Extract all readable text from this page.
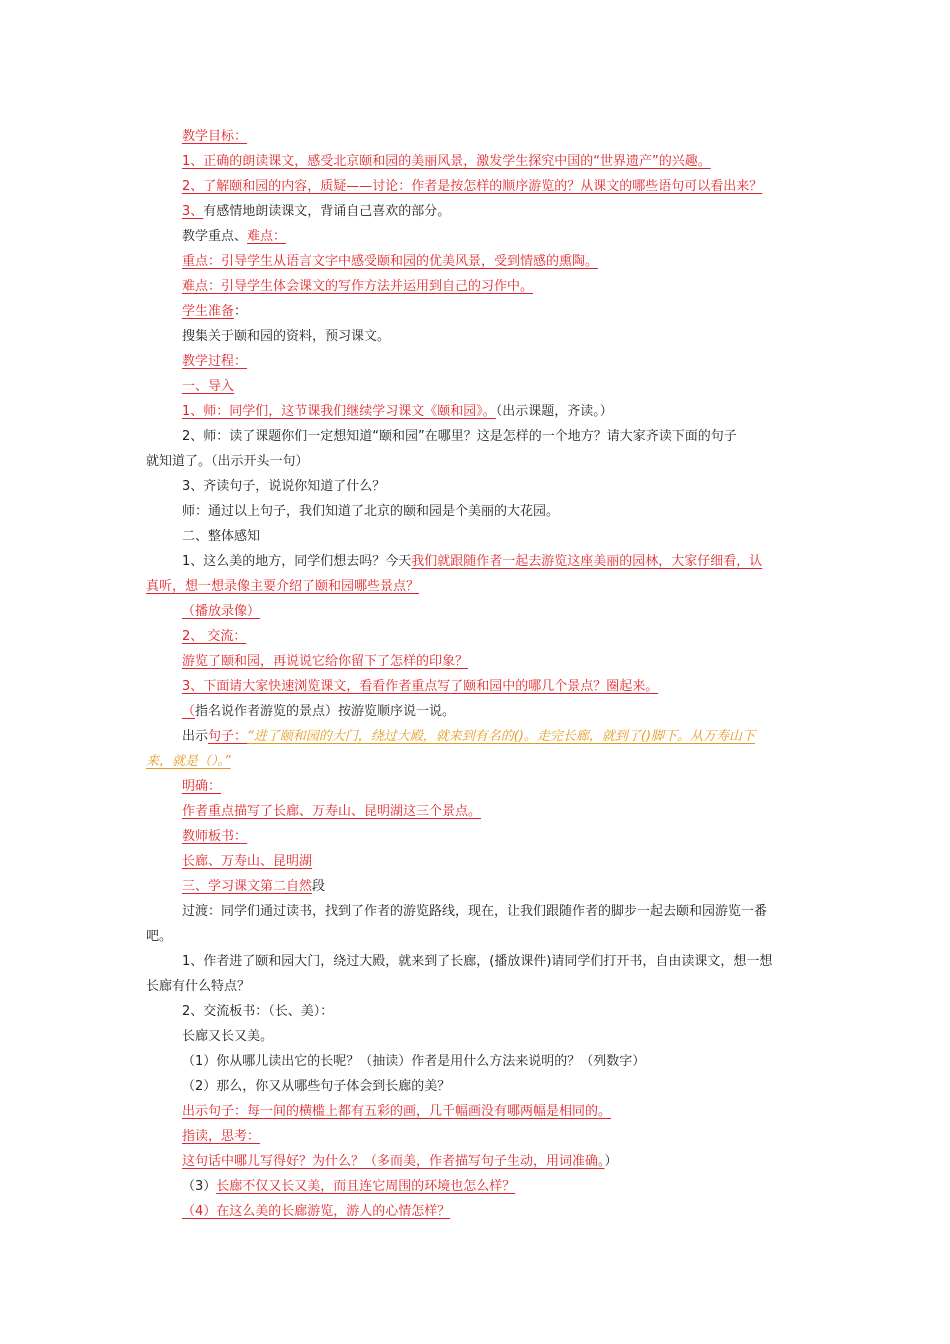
教学目标：
1、正确的朗读课文，感受北京颐和园的美丽风景，激发学生探究中国的“世界遗产”的兴趣。
2、了解颐和园的内容，质疑——讨论：作者是按怎样的顺序游览的？从课文的哪些语句可以看出来？
3、有感情地朗读课文，背诵自己喜欢的部分。
教学重点、难点：
重点：引导学生从语言文字中感受颐和园的优美风景，受到情感的熏陶。
难点：引导学生体会课文的写作方法并运用到自己的习作中。
学生准备：
搜集关于颐和园的资料，预习课文。
教学过程：
一、导入
1、师：同学们，这节课我们继续学习课文《颐和园》。（出示课题，齐读。）
2、师：读了课题你们一定想知道“颐和园”在哪里？这是怎样的一个地方？请大家齐读下面的句子
就知道了。（出示开头一句）
3、齐读句子，说说你知道了什么？
师：通过以上句子，我们知道了北京的颐和园是个美丽的大花园。
二、整体感知
1、这么美的地方，同学们想去吗？今天我们就跟随作者一起去游览这座美丽的园林，大家仔细看，认
真听，想一想录像主要介绍了颐和园哪些景点？
（播放录像）
2、 交流：
游览了颐和园，再说说它给你留下了怎样的印象？
3、下面请大家快速浏览课文，看看作者重点写了颐和园中的哪几个景点？圈起来。
（指名说作者游览的景点）按游览顺序说一说。
出示句子：“进了颐和园的大门，绕过大殿，就来到有名的()。走完长廊，就到了()脚下。从万寿山下
来，就是（）。”
明确：
作者重点描写了长廊、万寿山、昆明湖这三个景点。
教师板书：
长廊、万寿山、昆明湖
三、学习课文第二自然段
过渡：同学们通过读书，找到了作者的游览路线，现在，让我们跟随作者的脚步一起去颐和园游览一番
吧。
1、作者进了颐和园大门，绕过大殿，就来到了长廊，(播放课件)请同学们打开书，自由读课文，想一想
长廊有什么特点？
2、交流板书：（长、美）：
长廊又长又美。
（1）你从哪儿读出它的长呢？（抽读）作者是用什么方法来说明的？（列数字）
（2）那么，你又从哪些句子体会到长廊的美？
出示句子：每一间的横槛上都有五彩的画，几千幅画没有哪两幅是相同的。
指读，思考：
这句话中哪儿写得好？为什么？（多而美，作者描写句子生动，用词准确。）
（3）长廊不仅又长又美，而且连它周围的环境也怎么样？
（4）在这么美的长廊游览，游人的心情怎样？
